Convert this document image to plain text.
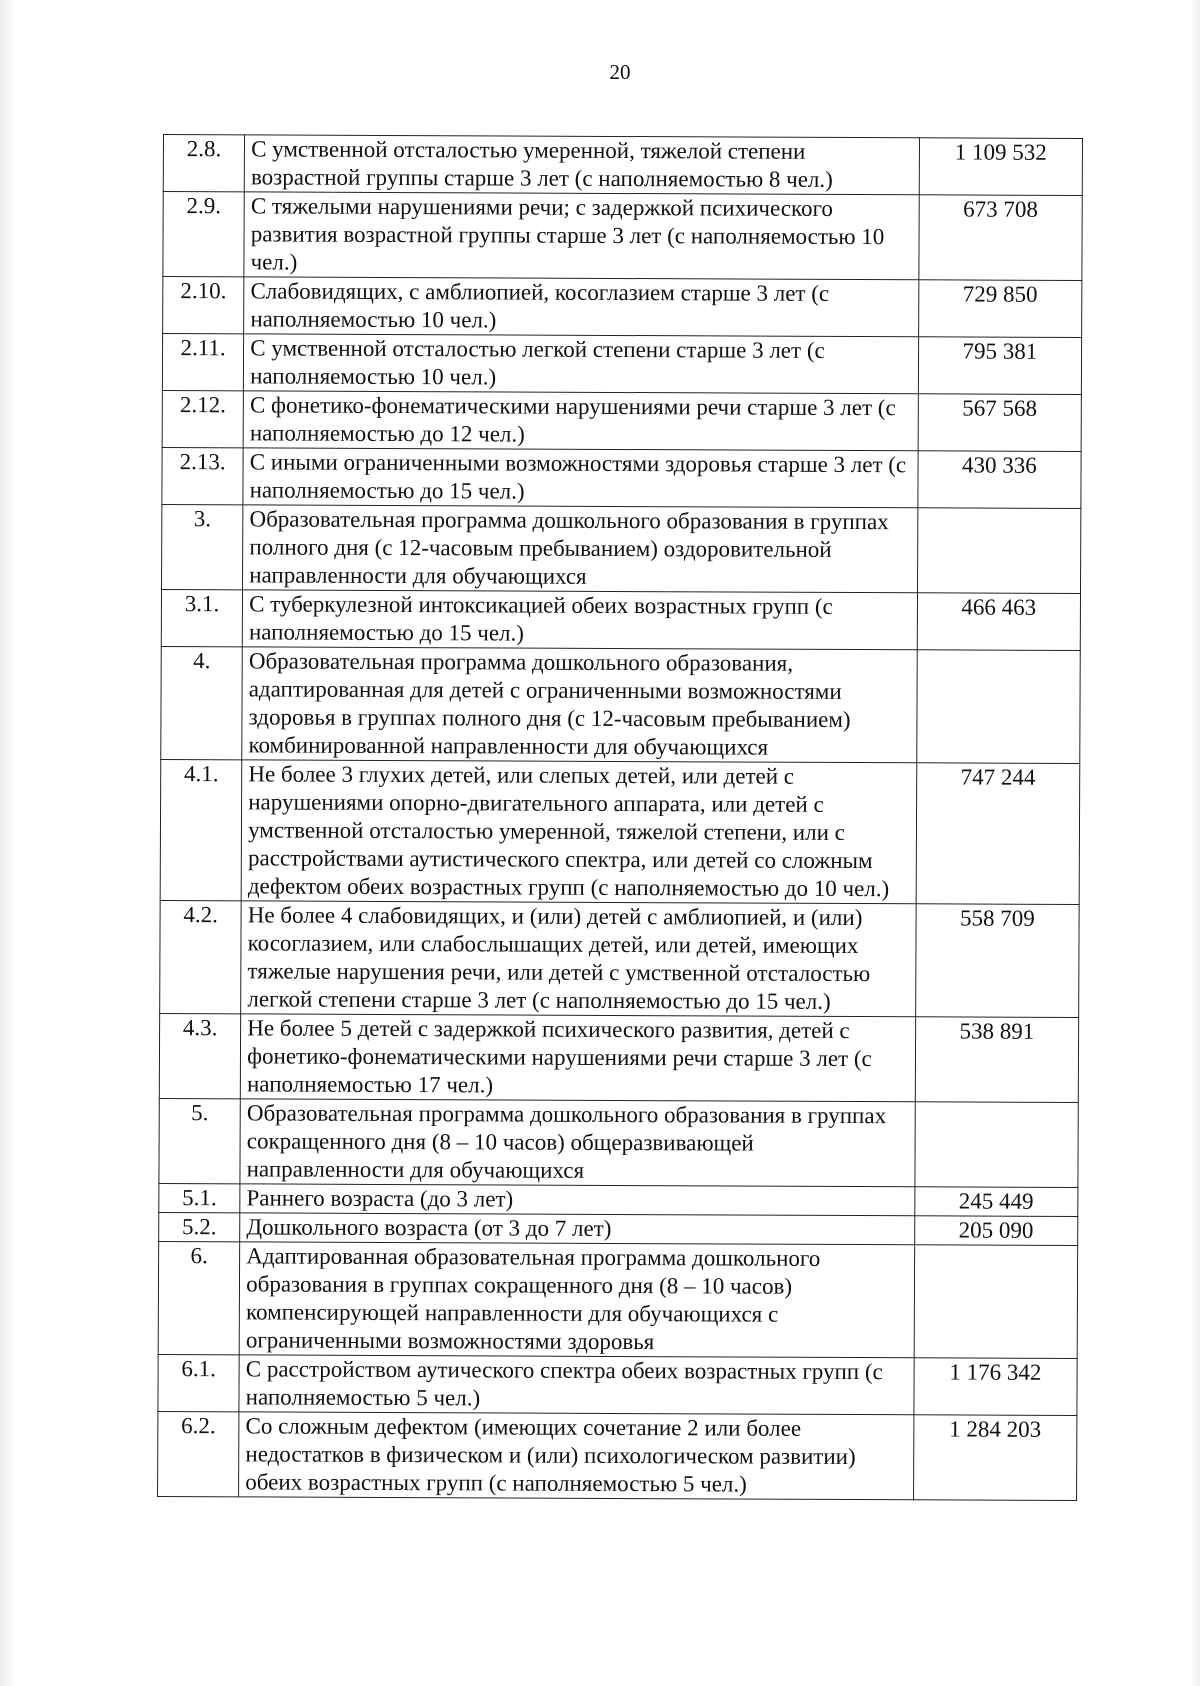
20
2.8.	С умственной отсталостью умеренной, тяжелой степени возрастной группы старше 3 лет (с наполняемостью 8 чел.)	1 109 532
2.9.	С тяжелыми нарушениями речи; с задержкой психического развития возрастной группы старше 3 лет (с наполняемостью 10 чел.)	673 708
2.10.	Слабовидящих, с амблиопией, косоглазием старше 3 лет (с наполняемостью 10 чел.)	729 850
2.11.	С умственной отсталостью легкой степени старше 3 лет (с наполняемостью 10 чел.)	795 381
2.12.	С фонетико-фонематическими нарушениями речи старше 3 лет (с наполняемостью до 12 чел.)	567 568
2.13.	С иными ограниченными возможностями здоровья старше 3 лет (с наполняемостью до 15 чел.)	430 336
3.	Образовательная программа дошкольного образования в группах полного дня (с 12-часовым пребыванием) оздоровительной направленности для обучающихся	
3.1.	С туберкулезной интоксикацией обеих возрастных групп (с наполняемостью до 15 чел.)	466 463
4.	Образовательная программа дошкольного образования, адаптированная для детей с ограниченными возможностями здоровья в группах полного дня (с 12-часовым пребыванием) комбинированной направленности для обучающихся	
4.1.	Не более 3 глухих детей, или слепых детей, или детей с нарушениями опорно-двигательного аппарата, или детей с умственной отсталостью умеренной, тяжелой степени, или с расстройствами аутистического спектра, или детей со сложным дефектом обеих возрастных групп (с наполняемостью до 10 чел.)	747 244
4.2.	Не более 4 слабовидящих, и (или) детей с амблиопией, и (или) косоглазием, или слабослышащих детей, или детей, имеющих тяжелые нарушения речи, или детей с умственной отсталостью легкой степени старше 3 лет (с наполняемостью до 15 чел.)	558 709
4.3.	Не более 5 детей с задержкой психического развития, детей с фонетико-фонематическими нарушениями речи старше 3 лет (с наполняемостью 17 чел.)	538 891
5.	Образовательная программа дошкольного образования в группах сокращенного дня (8 – 10 часов) общеразвивающей направленности для обучающихся	
5.1.	Раннего возраста (до 3 лет)	245 449
5.2.	Дошкольного возраста (от 3 до 7 лет)	205 090
6.	Адаптированная образовательная программа дошкольного образования в группах сокращенного дня (8 – 10 часов) компенсирующей направленности для обучающихся с ограниченными возможностями здоровья	
6.1.	С расстройством аутического спектра обеих возрастных групп (с наполняемостью 5 чел.)	1 176 342
6.2.	Со сложным дефектом (имеющих сочетание 2 или более недостатков в физическом и (или) психологическом развитии) обеих возрастных групп (с наполняемостью 5 чел.)	1 284 203
